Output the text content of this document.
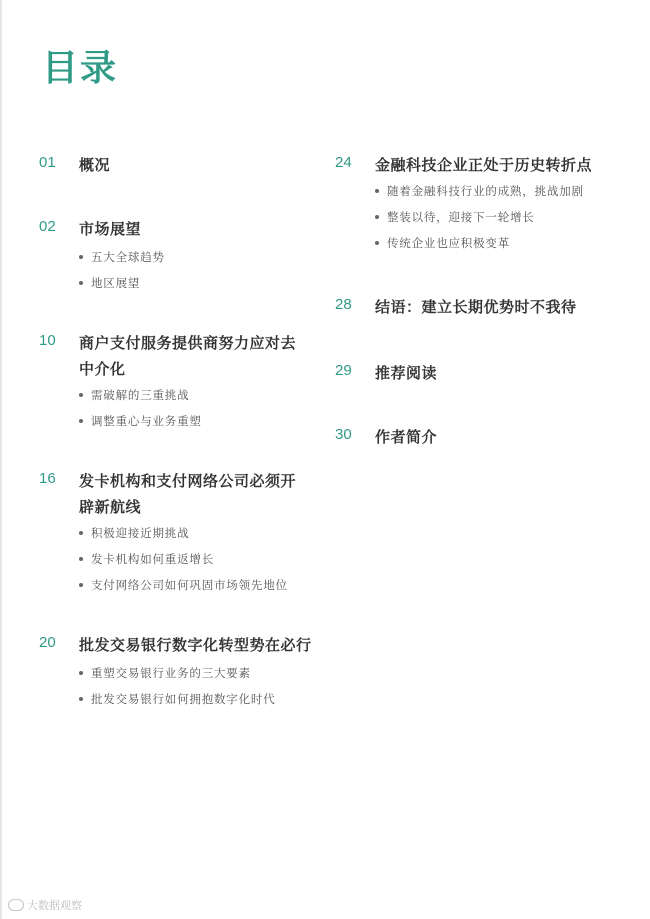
目录
01 概况
02 市场展望
五大全球趋势
地区展望
10 商户支付服务提供商努力应对去中介化
需破解的三重挑战
调整重心与业务重塑
16 发卡机构和支付网络公司必须开辟新航线
积极迎接近期挑战
发卡机构如何重返增长
支付网络公司如何巩固市场领先地位
20 批发交易银行数字化转型势在必行
重塑交易银行业务的三大要素
批发交易银行如何拥抱数字化时代
24 金融科技企业正处于历史转折点
随着金融科技行业的成熟，挑战加剧
整装以待，迎接下一轮增长
传统企业也应积极变革
28 结语：建立长期优势时不我待
29 推荐阅读
30 作者简介
大数据观察
